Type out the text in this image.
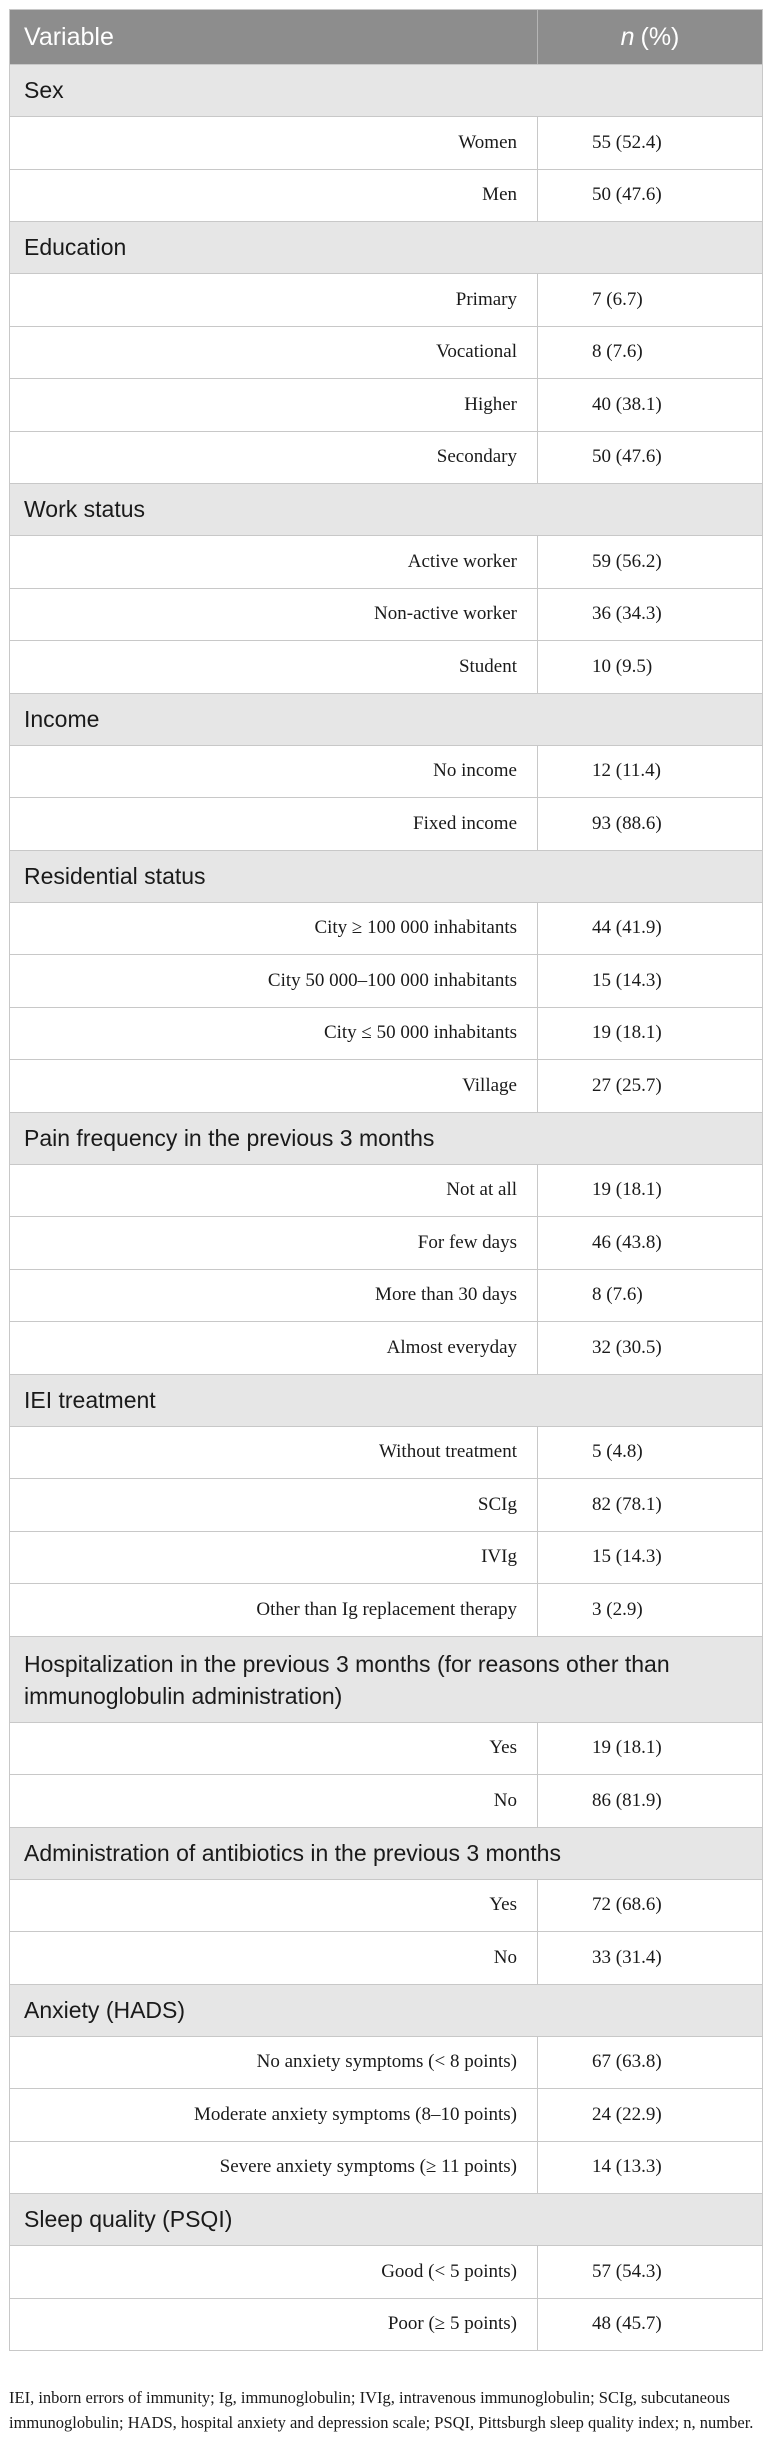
Variable	n (%)
Sex
Women	55 (52.4)
Men	50 (47.6)
Education
Primary	7 (6.7)
Vocational	8 (7.6)
Higher	40 (38.1)
Secondary	50 (47.6)
Work status
Active worker	59 (56.2)
Non-active worker	36 (34.3)
Student	10 (9.5)
Income
No income	12 (11.4)
Fixed income	93 (88.6)
Residential status
City ≥ 100 000 inhabitants	44 (41.9)
City 50 000–100 000 inhabitants	15 (14.3)
City ≤ 50 000 inhabitants	19 (18.1)
Village	27 (25.7)
Pain frequency in the previous 3 months
Not at all	19 (18.1)
For few days	46 (43.8)
More than 30 days	8 (7.6)
Almost everyday	32 (30.5)
IEI treatment
Without treatment	5 (4.8)
SCIg	82 (78.1)
IVIg	15 (14.3)
Other than Ig replacement therapy	3 (2.9)
Hospitalization in the previous 3 months (for reasons other than immunoglobulin administration)
Yes	19 (18.1)
No	86 (81.9)
Administration of antibiotics in the previous 3 months
Yes	72 (68.6)
No	33 (31.4)
Anxiety (HADS)
No anxiety symptoms (< 8 points)	67 (63.8)
Moderate anxiety symptoms (8–10 points)	24 (22.9)
Severe anxiety symptoms (≥ 11 points)	14 (13.3)
Sleep quality (PSQI)
Good (< 5 points)	57 (54.3)
Poor (≥ 5 points)	48 (45.7)
IEI, inborn errors of immunity; Ig, immunoglobulin; IVIg, intravenous immunoglobulin; SCIg, subcutaneous immunoglobulin; HADS, hospital anxiety and depression scale; PSQI, Pittsburgh sleep quality index; n, number.
